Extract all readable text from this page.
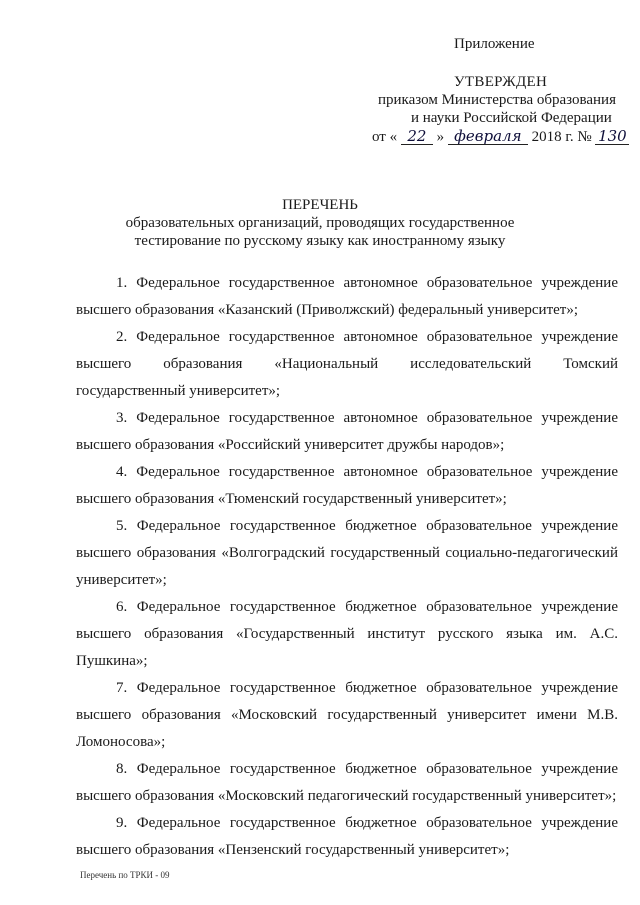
Приложение
УТВЕРЖДЕН
приказом Министерства образования
и науки Российской Федерации
от « 22 » февраля 2018 г. № 130
ПЕРЕЧЕНЬ
образовательных организаций, проводящих государственное
тестирование по русскому языку как иностранному языку

1. Федеральное государственное автономное образовательное учреждение высшего образования «Казанский (Приволжский) федеральный университет»;

2. Федеральное государственное автономное образовательное учреждение высшего образования «Национальный исследовательский Томский государственный университет»;

3. Федеральное государственное автономное образовательное учреждение высшего образования «Российский университет дружбы народов»;

4. Федеральное государственное автономное образовательное учреждение высшего образования «Тюменский государственный университет»;

5. Федеральное государственное бюджетное образовательное учреждение высшего образования «Волгоградский государственный социально-педагогический университет»;

6. Федеральное государственное бюджетное образовательное учреждение высшего образования «Государственный институт русского языка им. А.С. Пушкина»;

7. Федеральное государственное бюджетное образовательное учреждение высшего образования «Московский государственный университет имени М.В. Ломоносова»;

8. Федеральное государственное бюджетное образовательное учреждение высшего образования «Московский педагогический государственный университет»;

9. Федеральное государственное бюджетное образовательное учреждение высшего образования «Пензенский государственный университет»;

Перечень по ТРКИ - 09
